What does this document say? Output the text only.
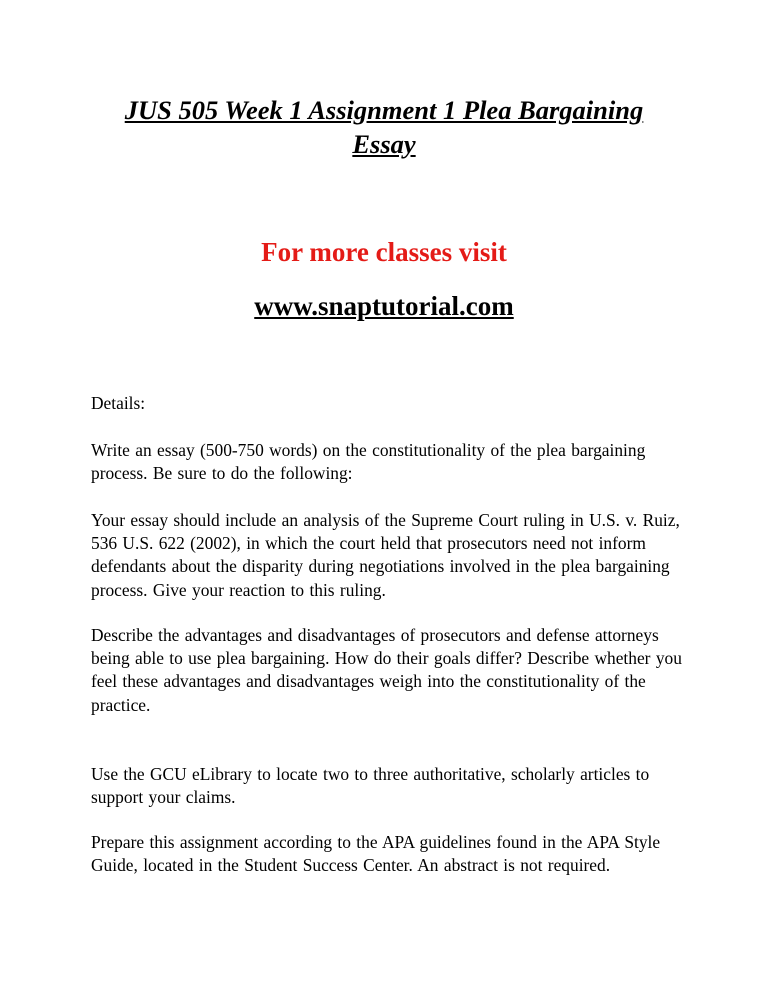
JUS 505 Week 1 Assignment 1 Plea Bargaining
Essay

For more classes visit

www.snaptutorial.com

Details:

Write an essay (500-750 words) on the constitutionality of the plea bargaining process. Be sure to do the following:

Your essay should include an analysis of the Supreme Court ruling in U.S. v. Ruiz, 536 U.S. 622 (2002), in which the court held that prosecutors need not inform defendants about the disparity during negotiations involved in the plea bargaining process. Give your reaction to this ruling.

Describe the advantages and disadvantages of prosecutors and defense attorneys being able to use plea bargaining. How do their goals differ? Describe whether you feel these advantages and disadvantages weigh into the constitutionality of the practice.

Use the GCU eLibrary to locate two to three authoritative, scholarly articles to support your claims.

Prepare this assignment according to the APA guidelines found in the APA Style Guide, located in the Student Success Center. An abstract is not required.
